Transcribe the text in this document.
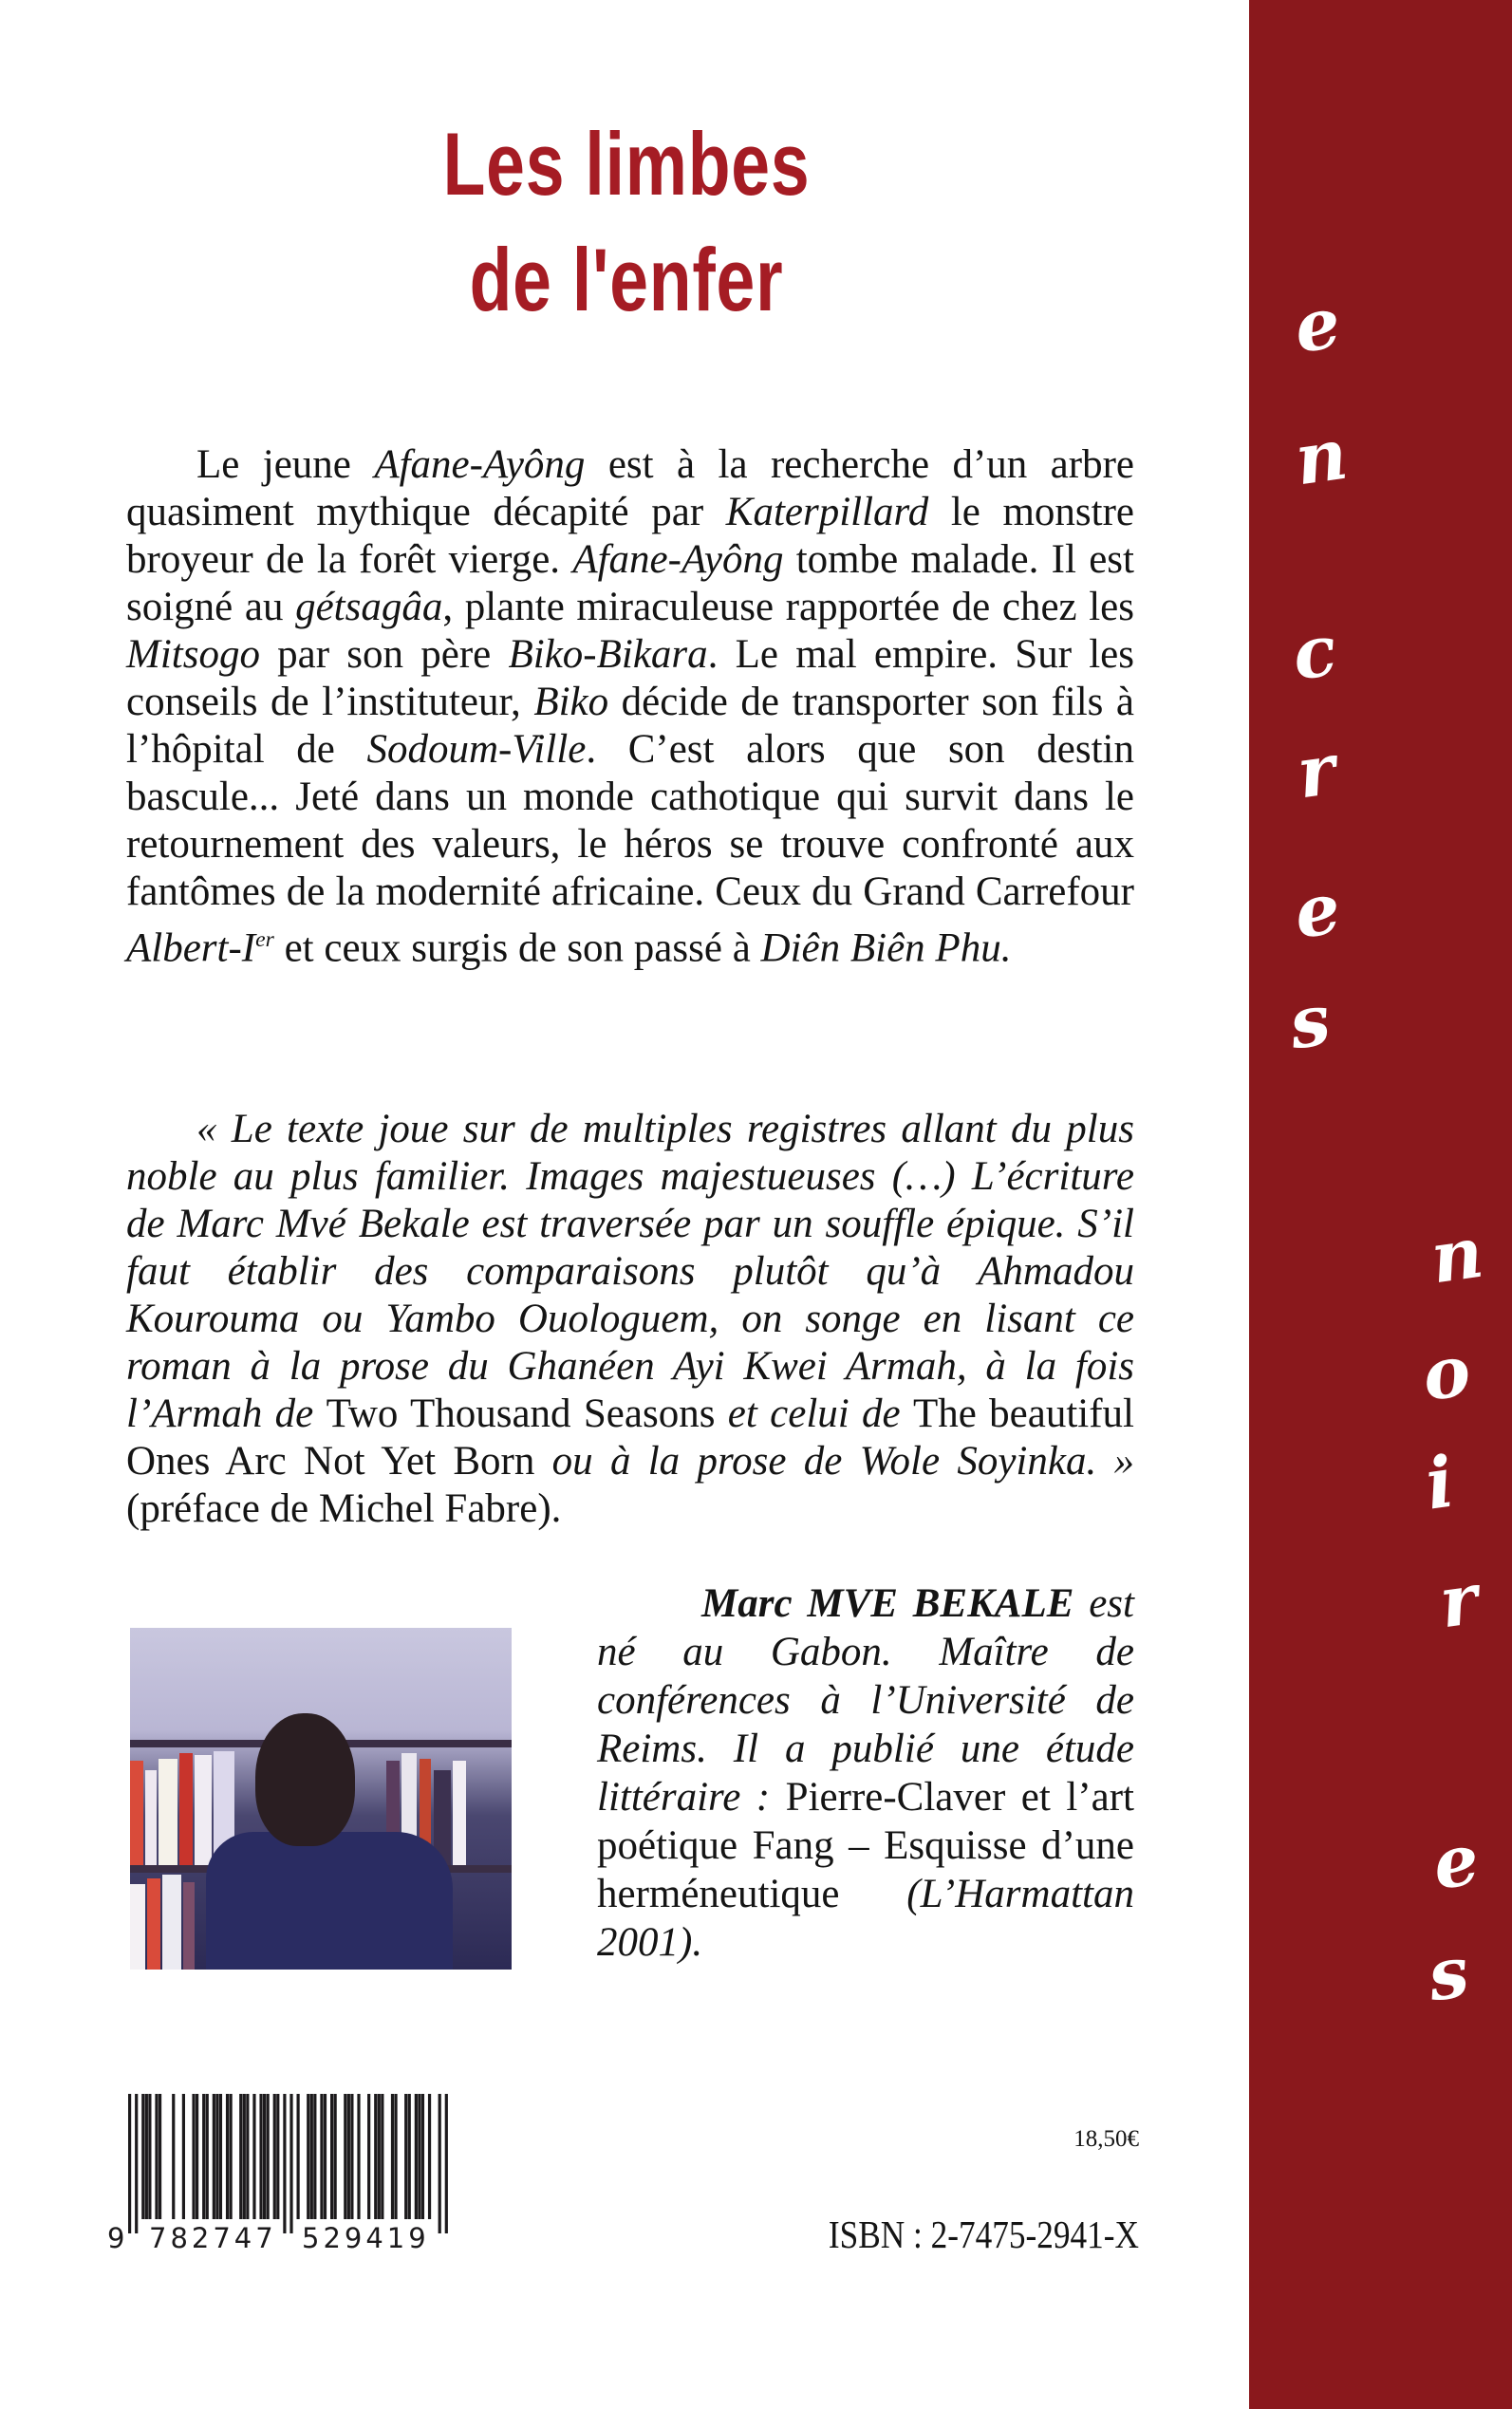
e
n
c
r
e
s
n
o
i
r
e
s
Les limbes
de l'enfer

Le jeune Afane-Ayông est à la recherche d’un arbre quasiment mythique décapité par Katerpillard le monstre broyeur de la forêt vierge. Afane-Ayông tombe malade. Il est soigné au gétsagâa, plante miraculeuse rapportée de chez les Mitsogo par son père Biko-Bikara. Le mal empire. Sur les conseils de l’instituteur, Biko décide de transporter son fils à l’hôpital de Sodoum-Ville. C’est alors que son destin bascule... Jeté dans un monde cathotique qui survit dans le retournement des valeurs, le héros se trouve confronté aux fantômes de la modernité africaine. Ceux du Grand Carrefour Albert-Ier et ceux surgis de son passé à Diên Biên Phu.

« Le texte joue sur de multiples registres allant du plus noble au plus familier. Images majestueuses (…) L’écriture de Marc Mvé Bekale est traversée par un souffle épique. S’il faut établir des comparaisons plutôt qu’à Ahmadou Kourouma ou Yambo Ouologuem, on songe en lisant ce roman à la prose du Ghanéen Ayi Kwei Armah, à la fois l’Armah de Two Thousand Seasons et celui de The beautiful Ones Arc Not Yet Born ou à la prose de Wole Soyinka. » (préface de Michel Fabre).

Marc MVE BEKALE est né au Gabon. Maître de conférences à l’Université de Reims. Il a publié une étude littéraire : Pierre-Claver et l’art poétique Fang – Esquisse d’une herméneutique (L’Harmattan 2001).

782747 529419
9
18,50€
ISBN : 2-7475-2941-X
